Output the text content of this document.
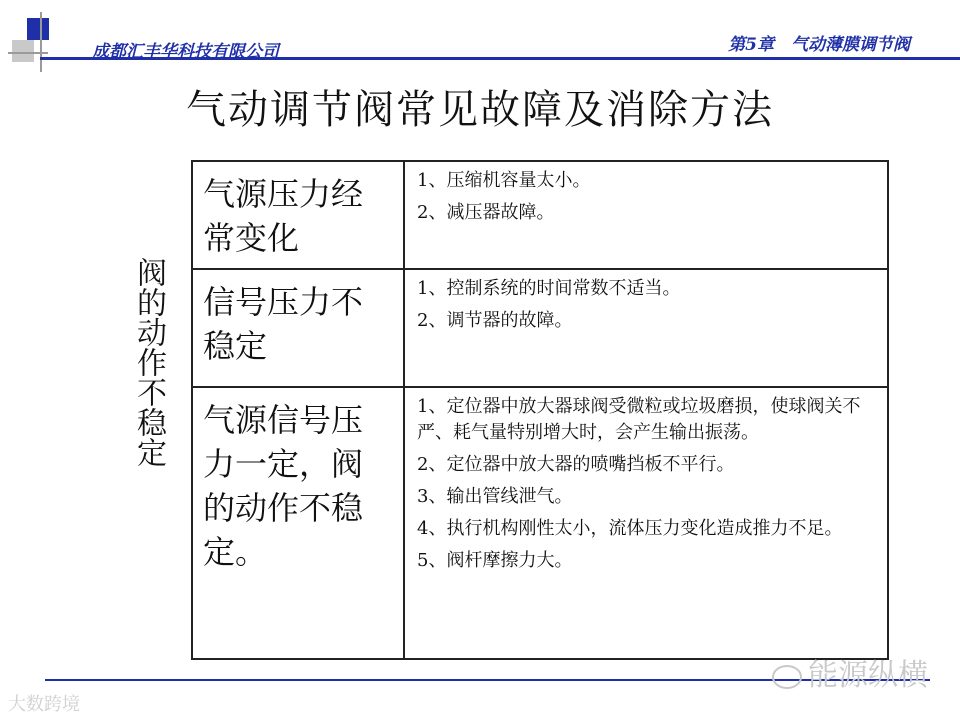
成都汇丰华科技有限公司	第5章　气动薄膜调节阀
气动调节阀常见故障及消除方法
阀的动作不稳定
气源压力经常变化	1、压缩机容量太小。
2、减压器故障。

信号压力不稳定	1、控制系统的时间常数不适当。
2、调节器的故障。

气源信号压力一定，阀的动作不稳定。	1、定位器中放大器球阀受微粒或垃圾磨损，使球阀关不严、耗气量特别增大时，会产生输出振荡。
2、定位器中放大器的喷嘴挡板不平行。
3、输出管线泄气。
4、执行机构刚性太小，流体压力变化造成推力不足。
5、阀杆摩擦力大。
能源纵横
大数跨境
